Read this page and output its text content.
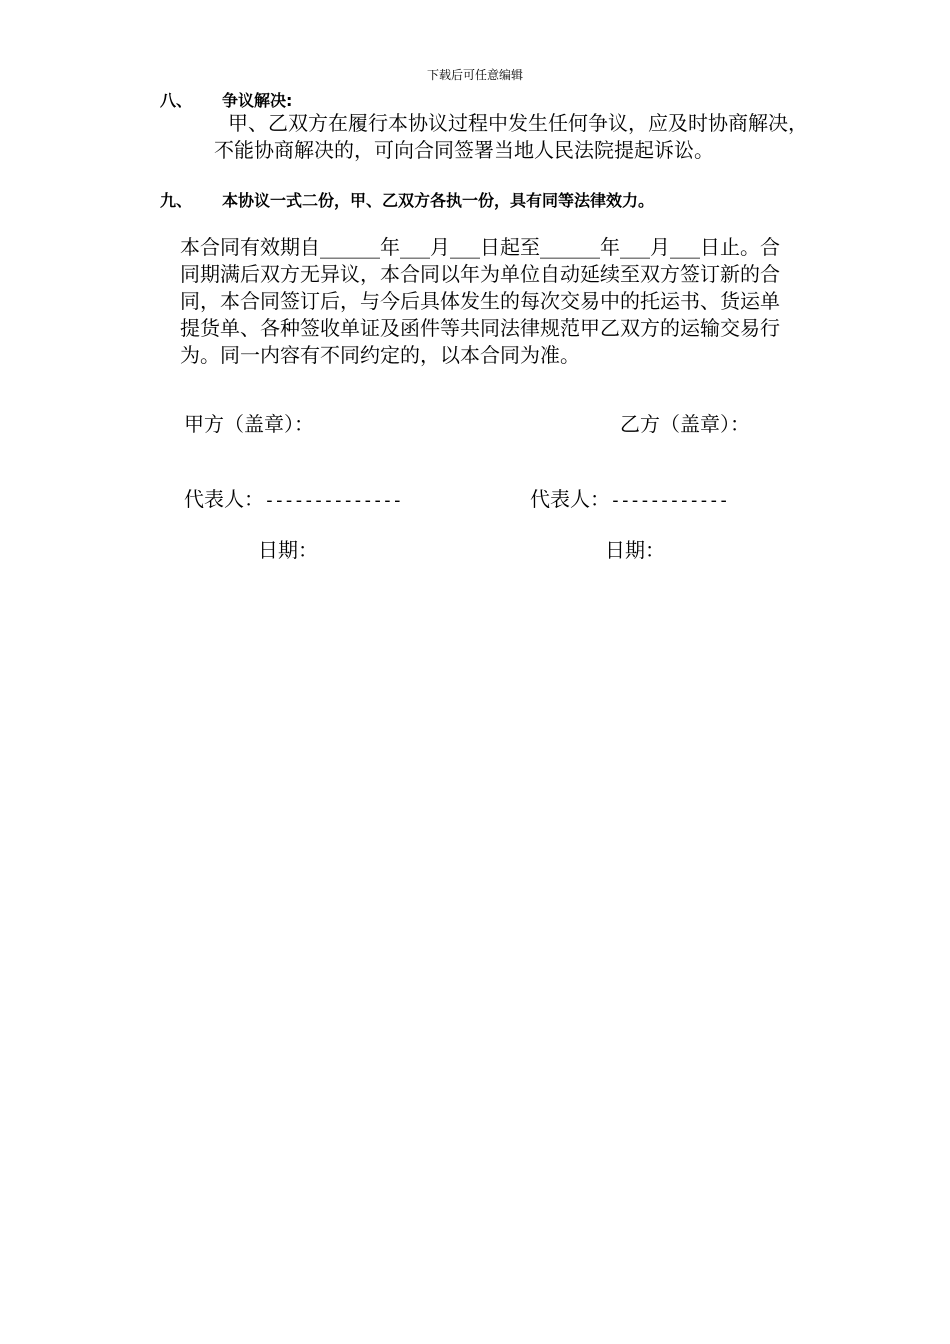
下载后可任意编辑
八、 争议解决:
甲、乙双方在履行本协议过程中发生任何争议，应及时协商解决，
不能协商解决的，可向合同签署当地人民法院提起诉讼。
九、 本协议一式二份，甲、乙双方各执一份，具有同等法律效力。
本合同有效期自______年___月___日起至______年___月___日止。合
同期满后双方无异议，本合同以年为单位自动延续至双方签订新的合
同，本合同签订后，与今后具体发生的每次交易中的托运书、货运单
提货单、各种签收单证及函件等共同法律规范甲乙双方的运输交易行
为。同一内容有不同约定的，以本合同为准。
甲方（盖章）：	乙方（盖章）：
代表人：--------------	代表人：------------
日期：	日期：
